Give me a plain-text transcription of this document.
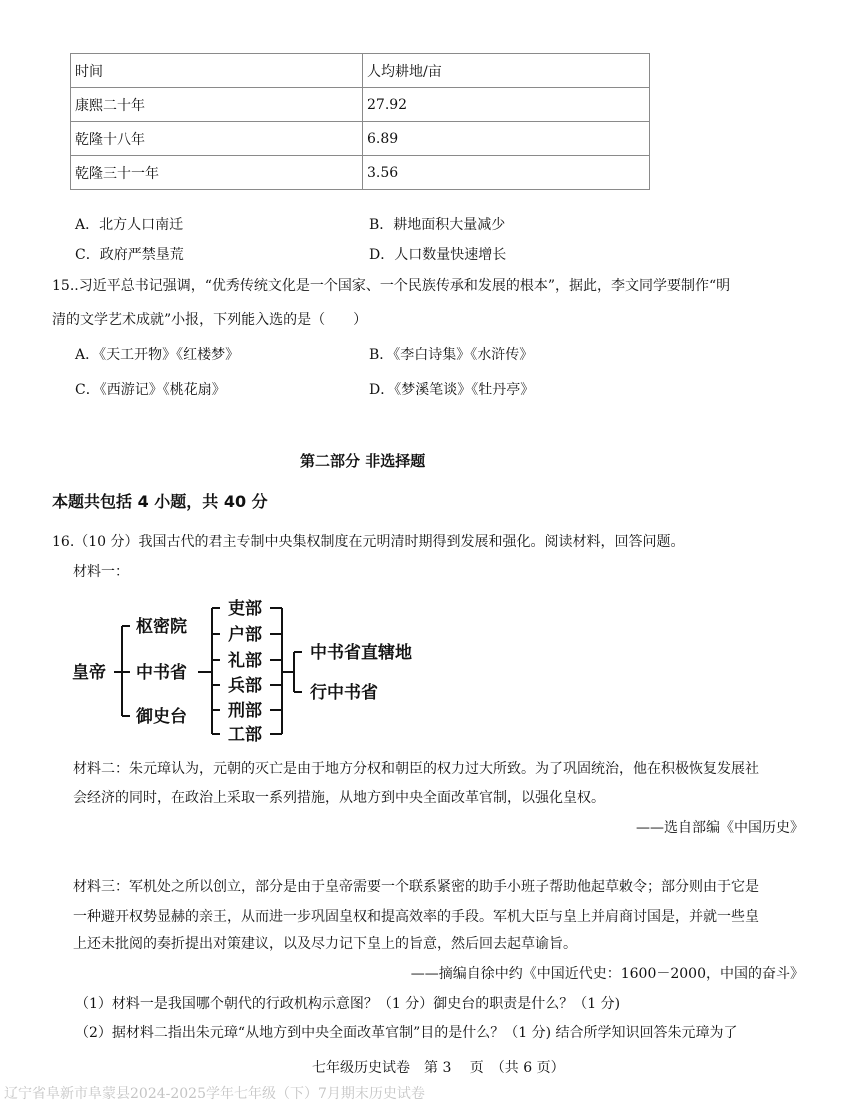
时间	人均耕地/亩
康熙二十年	27.92
乾隆十八年	6.89
乾隆三十一年	3.56
A．北方人口南迁	B．耕地面积大量减少
C．政府严禁垦荒	D．人口数量快速增长
15..习近平总书记强调，“优秀传统文化是一个国家、一个民族传承和发展的根本”，据此，李文同学要制作“明
清的文学艺术成就”小报，下列能入选的是（　　）
A．《天工开物》《红楼梦》	B．《李白诗集》《水浒传》
C．《西游记》《桃花扇》	D．《梦溪笔谈》《牡丹亭》
第二部分 非选择题
本题共包括 4 小题，共 40 分
16.（10 分）我国古代的君主专制中央集权制度在元明清时期得到发展和强化。阅读材料，回答问题。
材料一：
皇帝
枢密院
中书省
御史台
吏部
户部
礼部
兵部
刑部
工部
中书省直辖地
行中书省
材料二：朱元璋认为，元朝的灭亡是由于地方分权和朝臣的权力过大所致。为了巩固统治，他在积极恢复发展社
会经济的同时，在政治上采取一系列措施，从地方到中央全面改革官制，以强化皇权。
——选自部编《中国历史》
材料三：军机处之所以创立，部分是由于皇帝需要一个联系紧密的助手小班子帮助他起草敕令；部分则由于它是
一种避开权势显赫的亲王，从而进一步巩固皇权和提高效率的手段。军机大臣与皇上并肩商讨国是，并就一些皇
上还未批阅的奏折提出对策建议，以及尽力记下皇上的旨意，然后回去起草谕旨。
——摘编自徐中约《中国近代史：1600－2000，中国的奋斗》
（1）材料一是我国哪个朝代的行政机构示意图？（1 分）御史台的职责是什么？（1 分)
（2）据材料二指出朱元璋“从地方到中央全面改革官制”目的是什么？（1 分) 结合所学知识回答朱元璋为了
七年级历史试卷　第 3　 页　（共 6 页）
辽宁省阜新市阜蒙县2024-2025学年七年级（下）7月期末历史试卷
